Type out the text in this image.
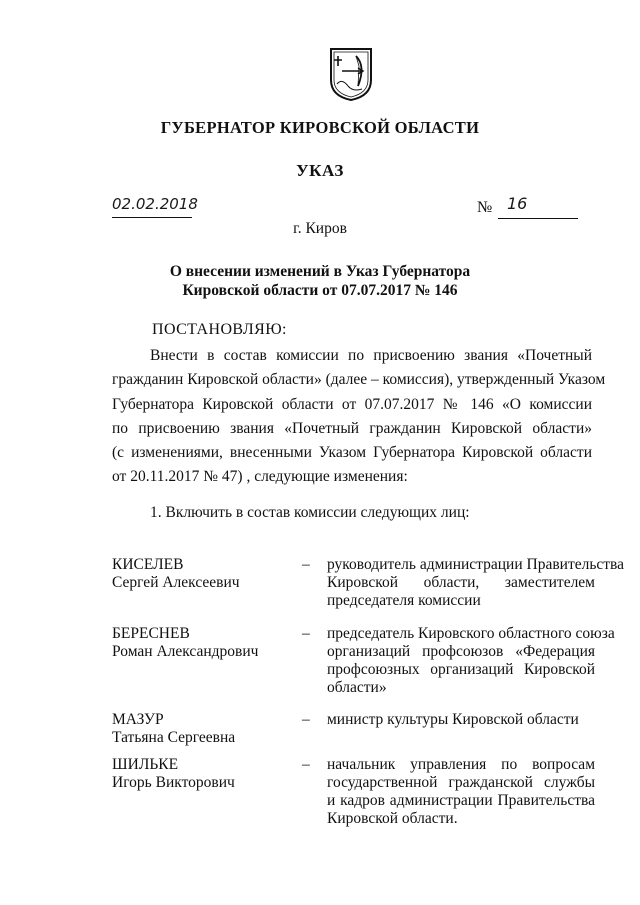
ГУБЕРНАТОР КИРОВСКОЙ ОБЛАСТИ
УКАЗ
02.02.2018	№ 16
г. Киров
О внесении изменений в Указ Губернатора
Кировской области от 07.07.2017 № 146
ПОСТАНОВЛЯЮ:
Внести в состав комиссии по присвоению звания «Почетный
гражданин Кировской области» (далее – комиссия), утвержденный Указом
Губернатора Кировской области от 07.07.2017 № 146 «О комиссии
по присвоению звания «Почетный гражданин Кировской области»
(с изменениями, внесенными Указом Губернатора Кировской области
от 20.11.2017 № 47) , следующие изменения:
1. Включить в состав комиссии следующих лиц:
КИСЕЛЕВ
Сергей Алексеевич
– руководитель администрации Правительства
Кировской области, заместителем
председателя комиссии
БЕРЕСНЕВ
Роман Александрович
– председатель Кировского областного союза
организаций профсоюзов «Федерация
профсоюзных организаций Кировской
области»
МАЗУР
Татьяна Сергеевна
– министр культуры Кировской области
ШИЛЬКЕ
Игорь Викторович
– начальник управления по вопросам
государственной гражданской службы
и кадров администрации Правительства
Кировской области.
